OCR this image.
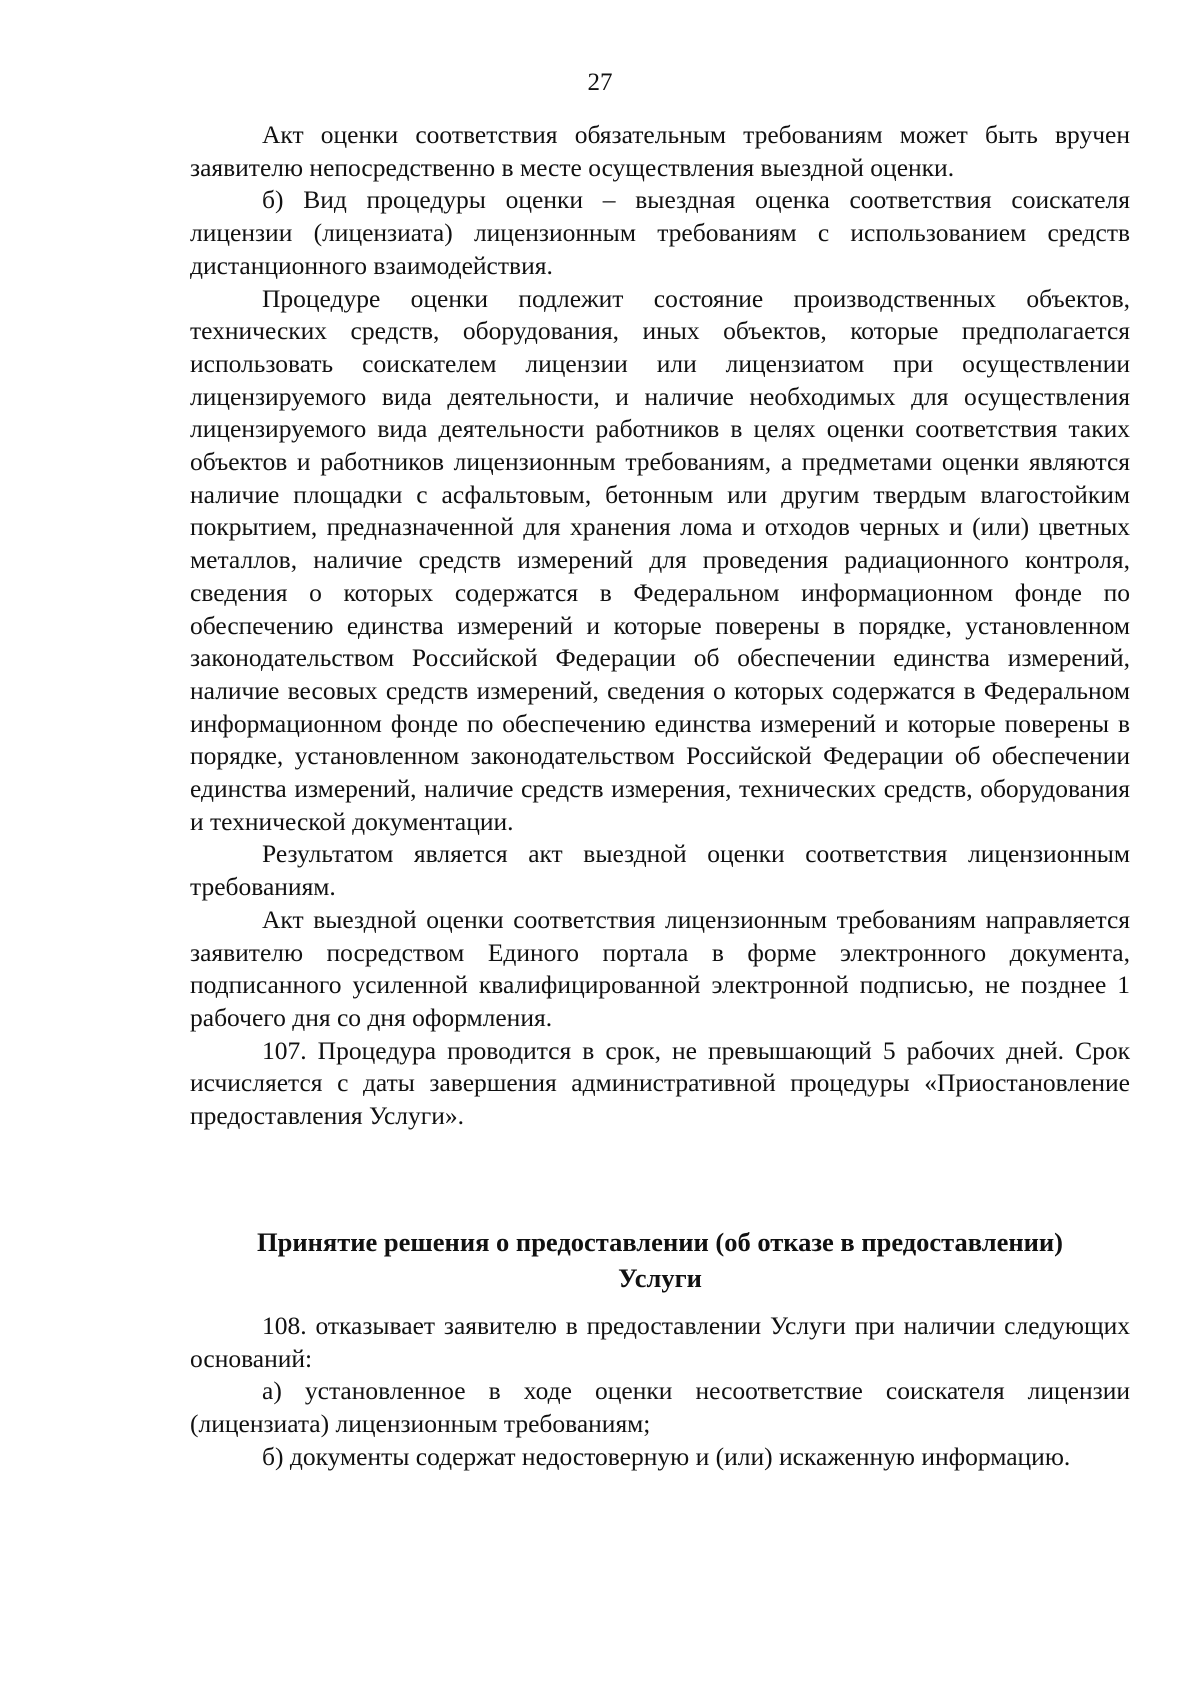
27

Акт оценки соответствия обязательным требованиям может быть вручен заявителю непосредственно в месте осуществления выездной оценки.

б) Вид процедуры оценки – выездная оценка соответствия соискателя лицензии (лицензиата) лицензионным требованиям с использованием средств дистанционного взаимодействия.

Процедуре оценки подлежит состояние производственных объектов, технических средств, оборудования, иных объектов, которые предполагается использовать соискателем лицензии или лицензиатом при осуществлении лицензируемого вида деятельности, и наличие необходимых для осуществления лицензируемого вида деятельности работников в целях оценки соответствия таких объектов и работников лицензионным требованиям, а предметами оценки являются наличие площадки с асфальтовым, бетонным или другим твердым влагостойким покрытием, предназначенной для хранения лома и отходов черных и (или) цветных металлов, наличие средств измерений для проведения радиационного контроля, сведения о которых содержатся в Федеральном информационном фонде по обеспечению единства измерений и которые поверены в порядке, установленном законодательством Российской Федерации об обеспечении единства измерений, наличие весовых средств измерений, сведения о которых содержатся в Федеральном информационном фонде по обеспечению единства измерений и которые поверены в порядке, установленном законодательством Российской Федерации об обеспечении единства измерений, наличие средств измерения, технических средств, оборудования и технической документации.

Результатом является акт выездной оценки соответствия лицензионным требованиям.

Акт выездной оценки соответствия лицензионным требованиям направляется заявителю посредством Единого портала в форме электронного документа, подписанного усиленной квалифицированной электронной подписью, не позднее 1 рабочего дня со дня оформления.

107. Процедура проводится в срок, не превышающий 5 рабочих дней. Срок исчисляется с даты завершения административной процедуры «Приостановление предоставления Услуги».

Принятие решения о предоставлении (об отказе в предоставлении)
Услуги

108. отказывает заявителю в предоставлении Услуги при наличии следующих оснований:

а) установленное в ходе оценки несоответствие соискателя лицензии (лицензиата) лицензионным требованиям;

б) документы содержат недостоверную и (или) искаженную информацию.
